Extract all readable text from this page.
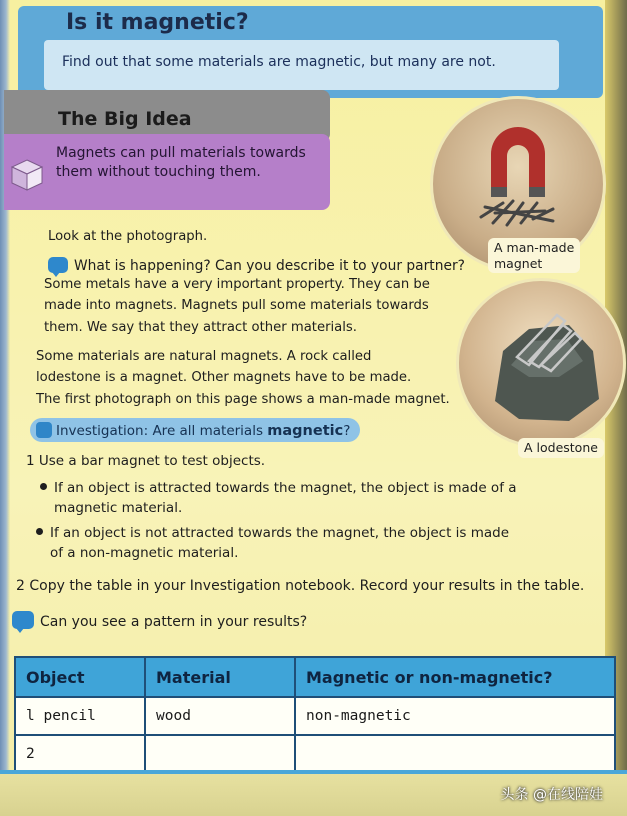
Is it magnetic?
Find out that some materials are magnetic, but many are not.
The Big Idea
Magnets can pull materials towards
them without touching them.
A man-made
magnet
A lodestone
Look at the photograph.
What is happening? Can you describe it to your partner?
Some metals have a very important property. They can be
made into magnets. Magnets pull some materials towards
them. We say that they attract other materials.
Some materials are natural magnets. A rock called
lodestone is a magnet. Other magnets have to be made.
The first photograph on this page shows a man-made magnet.
Investigation: Are all materials magnetic?
1 Use a bar magnet to test objects.
If an object is attracted towards the magnet, the object is made of a
magnetic material.
If an object is not attracted towards the magnet, the object is made
of a non-magnetic material.
2 Copy the table in your Investigation notebook. Record your results in the table.
Can you see a pattern in your results?
Object	Material	Magnetic or non-magnetic?
l pencil	wood	non-magnetic
2		
头条 @在线陪娃
